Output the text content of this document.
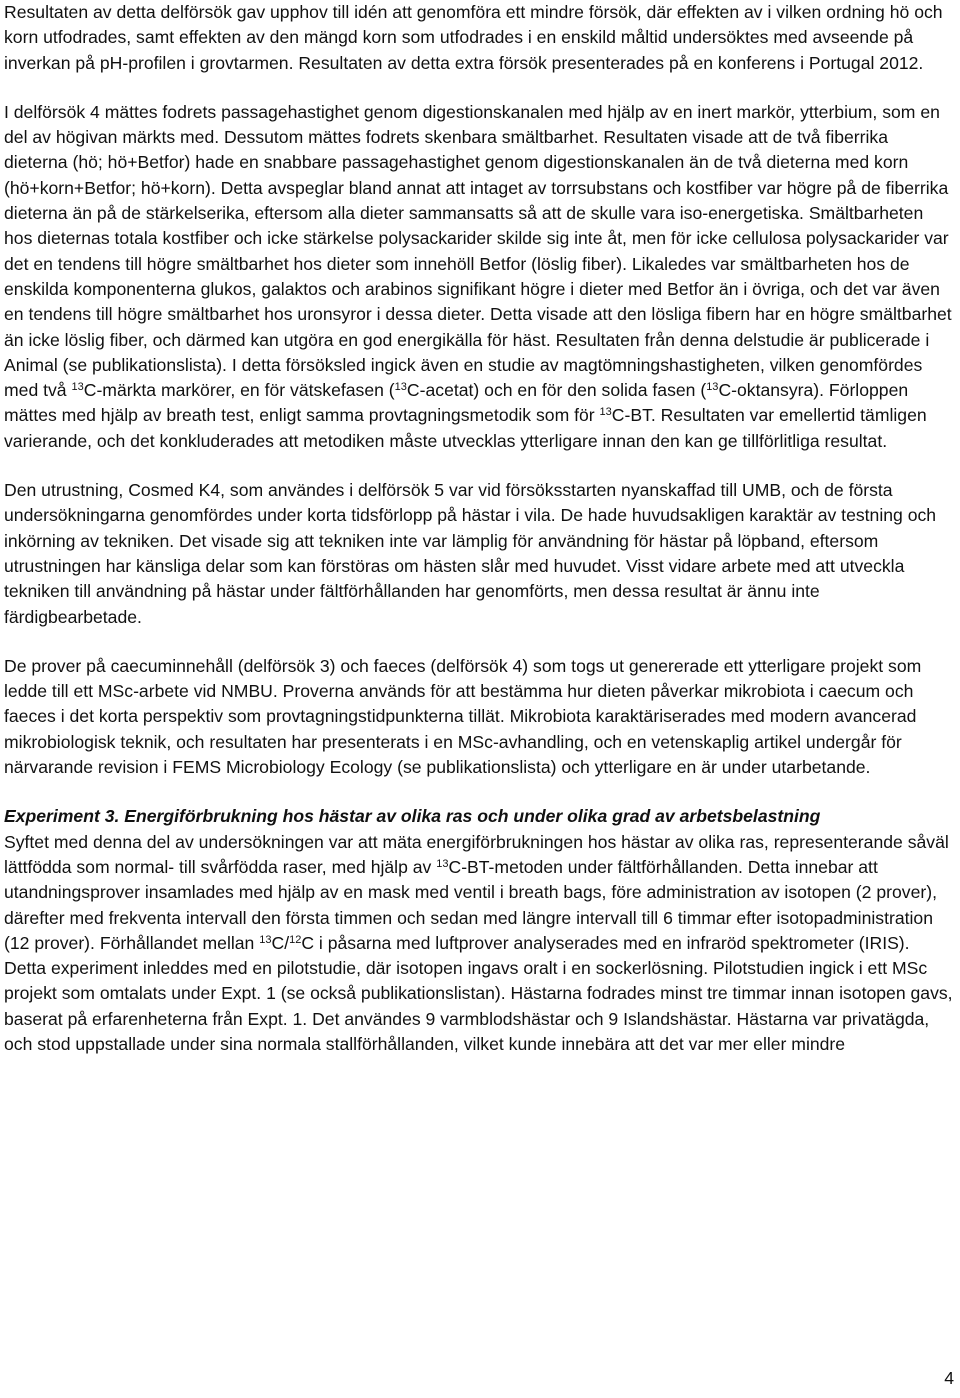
Resultaten av detta delförsök gav upphov till idén att genomföra ett mindre försök, där effekten av i vilken ordning hö och korn utfodrades, samt effekten av den mängd korn som utfodrades i en enskild måltid undersöktes med avseende på inverkan på pH-profilen i grovtarmen. Resultaten av detta extra försök presenterades på en konferens i Portugal 2012.

I delförsök 4 mättes fodrets passagehastighet genom digestionskanalen med hjälp av en inert markör, ytterbium, som en del av högivan märkts med. Dessutom mättes fodrets skenbara smältbarhet. Resultaten visade att de två fiberrika dieterna (hö; hö+Betfor) hade en snabbare passagehastighet genom digestionskanalen än de två dieterna med korn (hö+korn+Betfor; hö+korn). Detta avspeglar bland annat att intaget av torrsubstans och kostfiber var högre på de fiberrika dieterna än på de stärkelserika, eftersom alla dieter sammansatts så att de skulle vara iso-energetiska. Smältbarheten hos dieternas totala kostfiber och icke stärkelse polysackarider skilde sig inte åt, men för icke cellulosa polysackarider var det en tendens till högre smältbarhet hos dieter som innehöll Betfor (löslig fiber). Likaledes var smältbarheten hos de enskilda komponenterna glukos, galaktos och arabinos signifikant högre i dieter med Betfor än i övriga, och det var även en tendens till högre smältbarhet hos uronsyror i dessa dieter. Detta visade att den lösliga fibern har en högre smältbarhet än icke löslig fiber, och därmed kan utgöra en god energikälla för häst. Resultaten från denna delstudie är publicerade i Animal (se publikationslista). I detta försöksled ingick även en studie av magtömningshastigheten, vilken genomfördes med två $^{13}$C-märkta markörer, en för vätskefasen ($^{13}$C-acetat) och en för den solida fasen ($^{13}$C-oktansyra). Förloppen mättes med hjälp av breath test, enligt samma provtagningsmetodik som för $^{13}$C-BT. Resultaten var emellertid tämligen varierande, och det konkluderades att metodiken måste utvecklas ytterligare innan den kan ge tillförlitliga resultat.

Den utrustning, Cosmed K4, som användes i delförsök 5 var vid försöksstarten nyanskaffad till UMB, och de första undersökningarna genomfördes under korta tidsförlopp på hästar i vila. De hade huvudsakligen karaktär av testning och inkörning av tekniken. Det visade sig att tekniken inte var lämplig för användning för hästar på löpband, eftersom utrustningen har känsliga delar som kan förstöras om hästen slår med huvudet. Visst vidare arbete med att utveckla tekniken till användning på hästar under fältförhållanden har genomförts, men dessa resultat är ännu inte färdigbearbetade.

De prover på caecuminnehåll (delförsök 3) och faeces (delförsök 4) som togs ut genererade ett ytterligare projekt som ledde till ett MSc-arbete vid NMBU. Proverna används för att bestämma hur dieten påverkar mikrobiota i caecum och faeces i det korta perspektiv som provtagningstidpunkterna tillät. Mikrobiota karaktäriserades med modern avancerad mikrobiologisk teknik, och resultaten har presenterats i en MSc-avhandling, och en vetenskaplig artikel undergår för närvarande revision i FEMS Microbiology Ecology (se publikationslista) och ytterligare en är under utarbetande.

Experiment 3. Energiförbrukning hos hästar av olika ras och under olika grad av arbetsbelastning

Syftet med denna del av undersökningen var att mäta energiförbrukningen hos hästar av olika ras, representerande såväl lättfödda som normal- till svårfödda raser, med hjälp av $^{13}$C-BT-metoden under fältförhållanden. Detta innebar att utandningsprover insamlades med hjälp av en mask med ventil i breath bags, före administration av isotopen (2 prover), därefter med frekventa intervall den första timmen och sedan med längre intervall till 6 timmar efter isotopadministration (12 prover). Förhållandet mellan $^{13}$C/$^{12}$C i påsarna med luftprover analyserades med en infraröd spektrometer (IRIS). Detta experiment inleddes med en pilotstudie, där isotopen ingavs oralt i en sockerlösning. Pilotstudien ingick i ett MSc projekt som omtalats under Expt. 1 (se också publikationslistan). Hästarna fodrades minst tre timmar innan isotopen gavs, baserat på erfarenheterna från Expt. 1. Det användes 9 varmblodshästar och 9 Islandshästar. Hästarna var privatägda, och stod uppstallade under sina normala stallförhållanden, vilket kunde innebära att det var mer eller mindre

4
